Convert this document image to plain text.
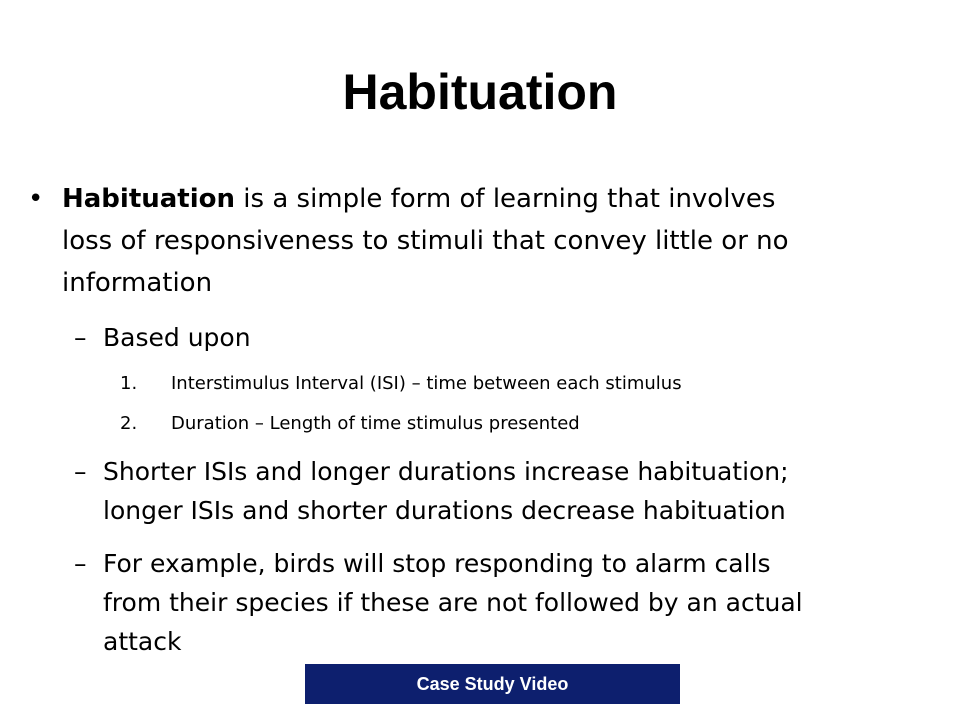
Habituation
• Habituation is a simple form of learning that involves
loss of responsiveness to stimuli that convey little or no
information
– Based upon
1. Interstimulus Interval (ISI) – time between each stimulus
2. Duration – Length of time stimulus presented
– Shorter ISIs and longer durations increase habituation;
longer ISIs and shorter durations decrease habituation
– For example, birds will stop responding to alarm calls
from their species if these are not followed by an actual
attack
Case Study Video
